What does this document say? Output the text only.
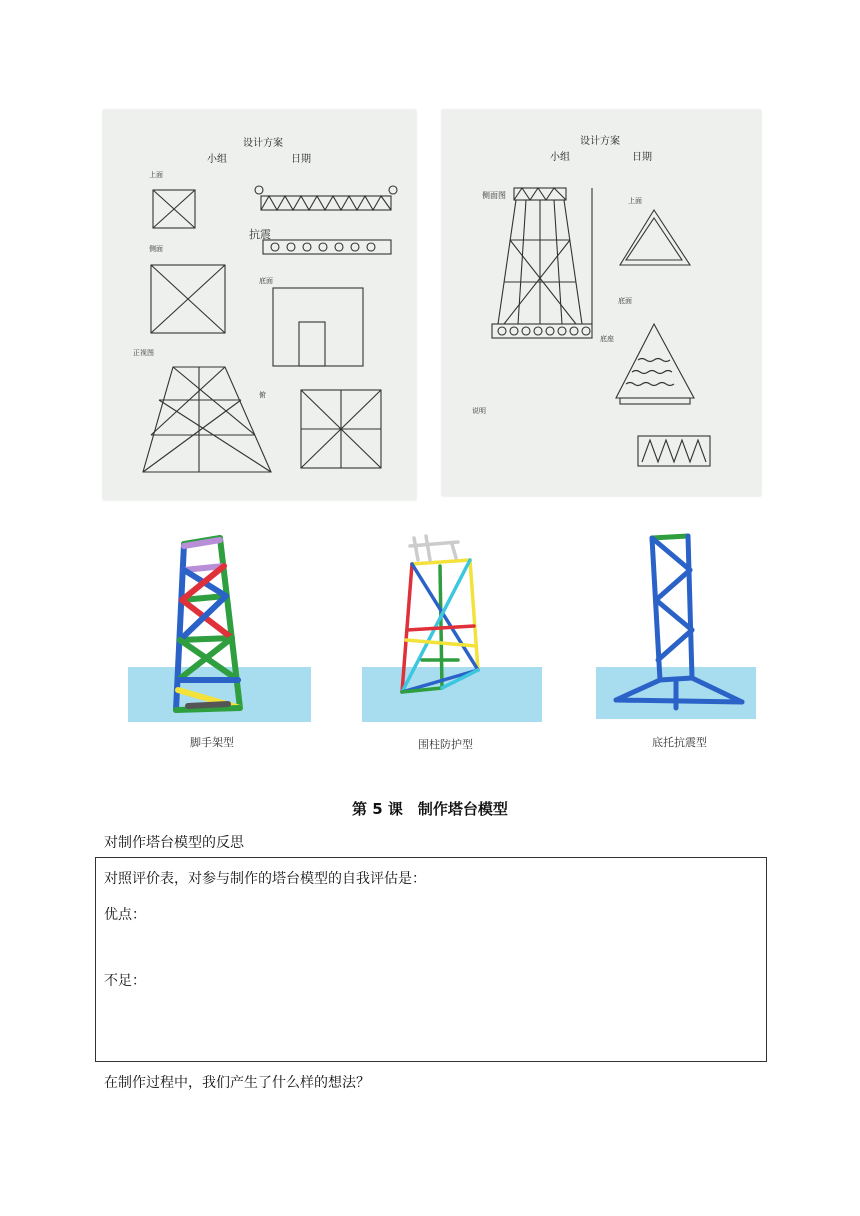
设计方案
小组	日期
上面
侧面
抗震
底面
正视图
俯
设计方案
小组	日期
侧面图
上面
底面
底座
说明
脚手架型	围柱防护型	底托抗震型
第 5 课　制作塔台模型
对制作塔台模型的反思
对照评价表，对参与制作的塔台模型的自我评估是：
优点：
不足：
在制作过程中，我们产生了什么样的想法？
